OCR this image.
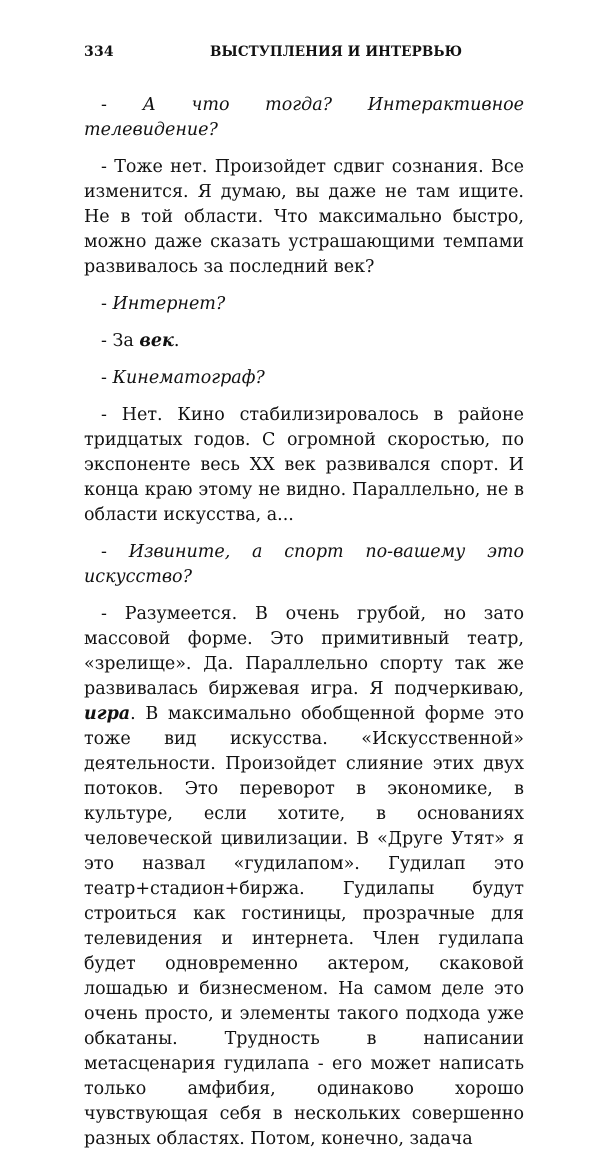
334	ВЫСТУПЛЕНИЯ И ИНТЕРВЬЮ

- А что тогда? Интерактивное телевидение?

- Тоже нет. Произойдет сдвиг сознания. Все изменится. Я думаю, вы даже не там ищите. Не в той области. Что максимально быстро, можно даже сказать устрашающими темпами развивалось за последний век?

- Интернет?

- За век.

- Кинематограф?

- Нет. Кино стабилизировалось в районе тридцатых годов. С огромной скоростью, по экспоненте весь XX век развивался спорт. И конца краю этому не видно. Параллельно, не в области искусства, а...

- Извините, а спорт по-вашему это искусство?

- Разумеется. В очень грубой, но зато массовой форме. Это примитивный театр, «зрелище». Да. Параллельно спорту так же развивалась биржевая игра. Я подчеркиваю, игра. В максимально обобщенной форме это тоже вид искусства. «Искусственной» деятельности. Произойдет слияние этих двух потоков. Это переворот в экономике, в культуре, если хотите, в основаниях человеческой цивилизации. В «Друге Утят» я это назвал «гудилапом». Гудилап это театр+стадион+биржа. Гудилапы будут строиться как гостиницы, прозрачные для телевидения и интернета. Член гудилапа будет одновременно актером, скаковой лошадью и бизнесменом. На самом деле это очень просто, и элементы такого подхода уже обкатаны. Трудность в написании метасценария гудилапа - его может написать только амфибия, одинаково хорошо чувствующая себя в нескольких совершенно разных областях. Потом, конечно, задача
